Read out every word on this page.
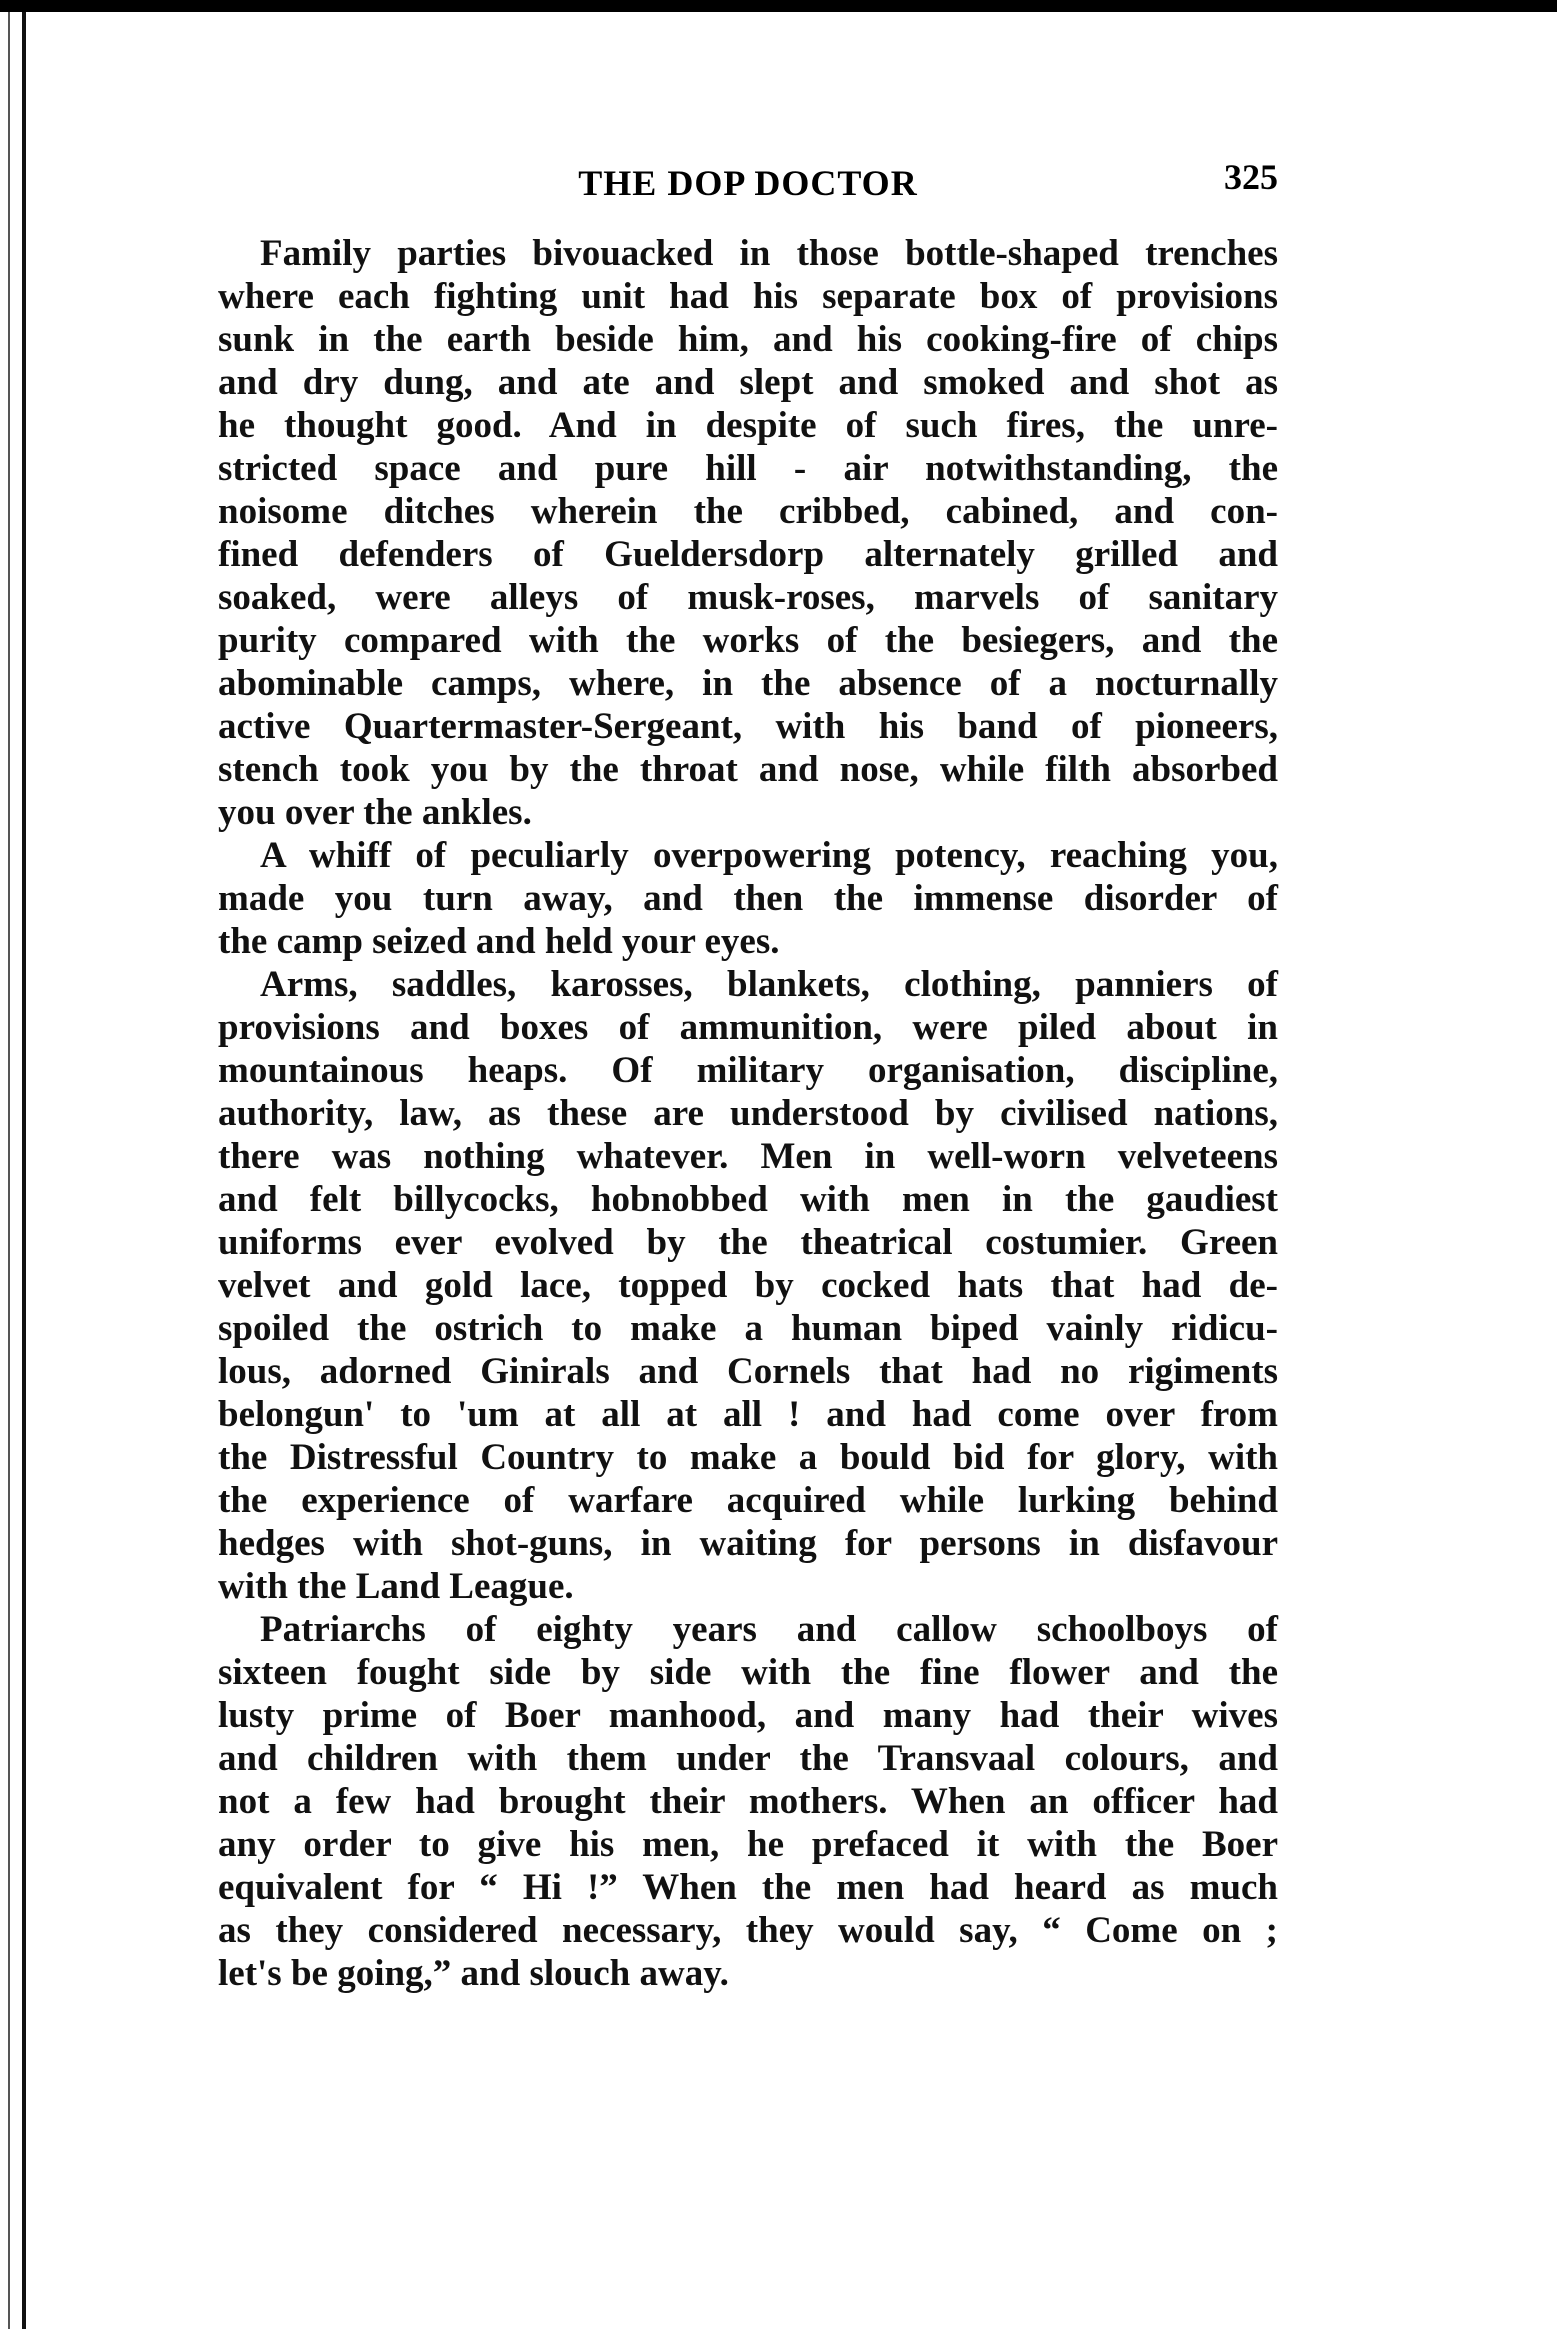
THE DOP DOCTOR	325
Family parties bivouacked in those bottle-shaped trenches
where each fighting unit had his separate box of provisions
sunk in the earth beside him, and his cooking-fire of chips
and dry dung, and ate and slept and smoked and shot as
he thought good. And in despite of such fires, the unre-
stricted space and pure hill - air notwithstanding, the
noisome ditches wherein the cribbed, cabined, and con-
fined defenders of Gueldersdorp alternately grilled and
soaked, were alleys of musk-roses, marvels of sanitary
purity compared with the works of the besiegers, and the
abominable camps, where, in the absence of a nocturnally
active Quartermaster-Sergeant, with his band of pioneers,
stench took you by the throat and nose, while filth absorbed
you over the ankles.
A whiff of peculiarly overpowering potency, reaching you,
made you turn away, and then the immense disorder of
the camp seized and held your eyes.
Arms, saddles, karosses, blankets, clothing, panniers of
provisions and boxes of ammunition, were piled about in
mountainous heaps. Of military organisation, discipline,
authority, law, as these are understood by civilised nations,
there was nothing whatever. Men in well-worn velveteens
and felt billycocks, hobnobbed with men in the gaudiest
uniforms ever evolved by the theatrical costumier. Green
velvet and gold lace, topped by cocked hats that had de-
spoiled the ostrich to make a human biped vainly ridicu-
lous, adorned Ginirals and Cornels that had no rigiments
belongun' to 'um at all at all ! and had come over from
the Distressful Country to make a bould bid for glory, with
the experience of warfare acquired while lurking behind
hedges with shot-guns, in waiting for persons in disfavour
with the Land League.
Patriarchs of eighty years and callow schoolboys of
sixteen fought side by side with the fine flower and the
lusty prime of Boer manhood, and many had their wives
and children with them under the Transvaal colours, and
not a few had brought their mothers. When an officer had
any order to give his men, he prefaced it with the Boer
equivalent for “ Hi !” When the men had heard as much
as they considered necessary, they would say, “ Come on ;
let's be going,” and slouch away.
